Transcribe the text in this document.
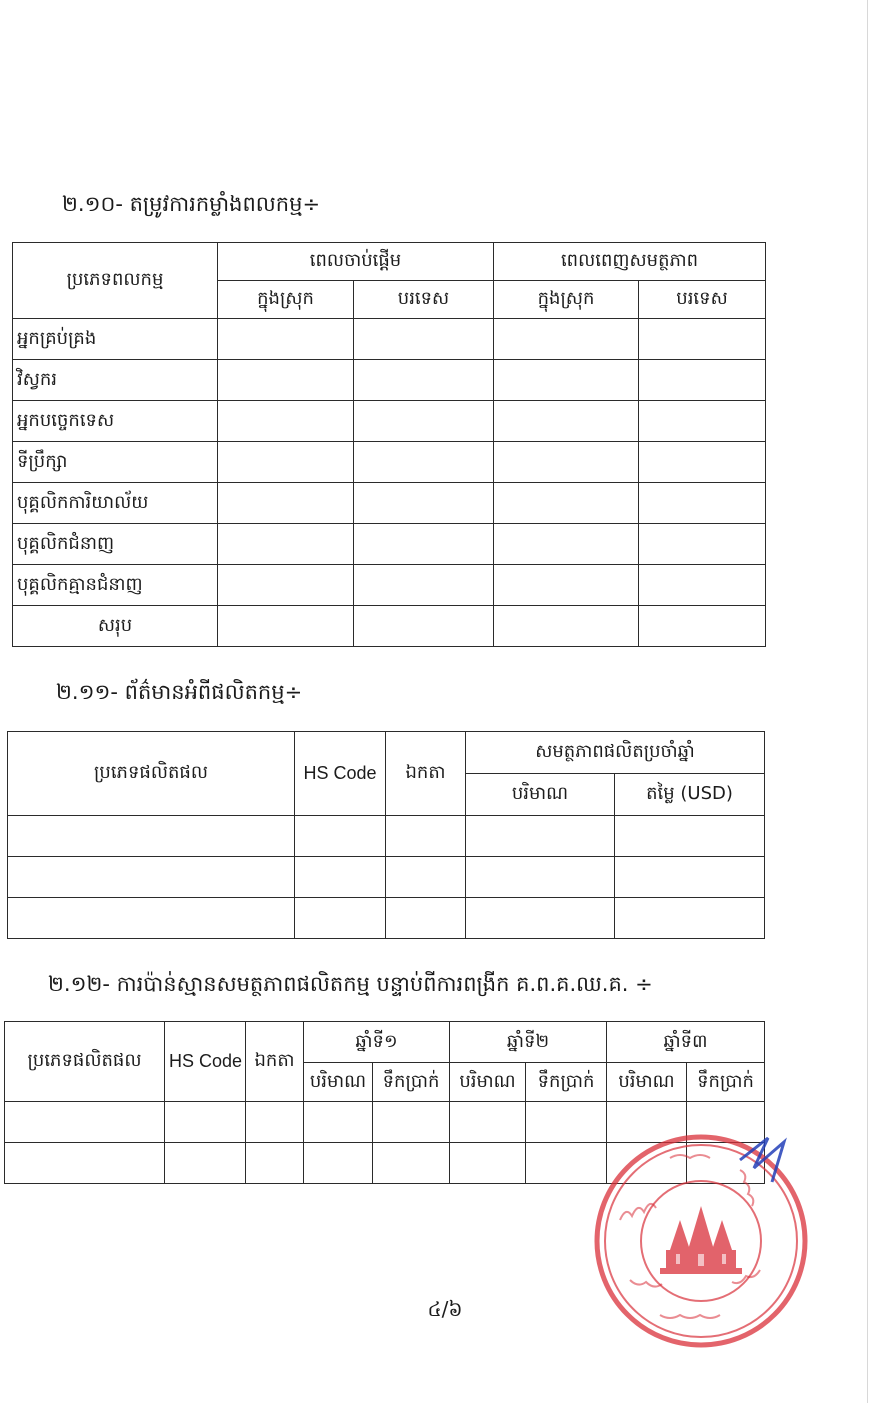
២.១០- តម្រូវការកម្លាំងពលកម្ម÷
ប្រភេទពលកម្ម	ពេលចាប់ផ្តើម		ពេលពេញសមត្ថភាព	
	ក្នុងស្រុក	បរទេស	ក្នុងស្រុក	បរទេស
អ្នកគ្រប់គ្រង				
វិស្វករ				
អ្នកបច្ចេកទេស				
ទីប្រឹក្សា				
បុគ្គលិកការិយាល័យ				
បុគ្គលិកជំនាញ				
បុគ្គលិកគ្មានជំនាញ				
សរុប				
២.១១- ព័ត៌មានអំពីផលិតកម្ម÷
ប្រភេទផលិតផល	HS Code	ឯកតា	សមត្ថភាពផលិតប្រចាំឆ្នាំ	
			បរិមាណ	តម្លៃ (USD)

២.១២- ការប៉ាន់ស្មានសមត្ថភាពផលិតកម្ម បន្ទាប់ពីការពង្រីក គ.ព.គ.ឈ.គ. ÷
ប្រភេទផលិតផល	HS Code	ឯកតា	ឆ្នាំទី១		ឆ្នាំទី២		ឆ្នាំទី៣	
			បរិមាណ	ទឹកប្រាក់	បរិមាណ	ទឹកប្រាក់	បរិមាណ	ទឹកប្រាក់

៤/៦
